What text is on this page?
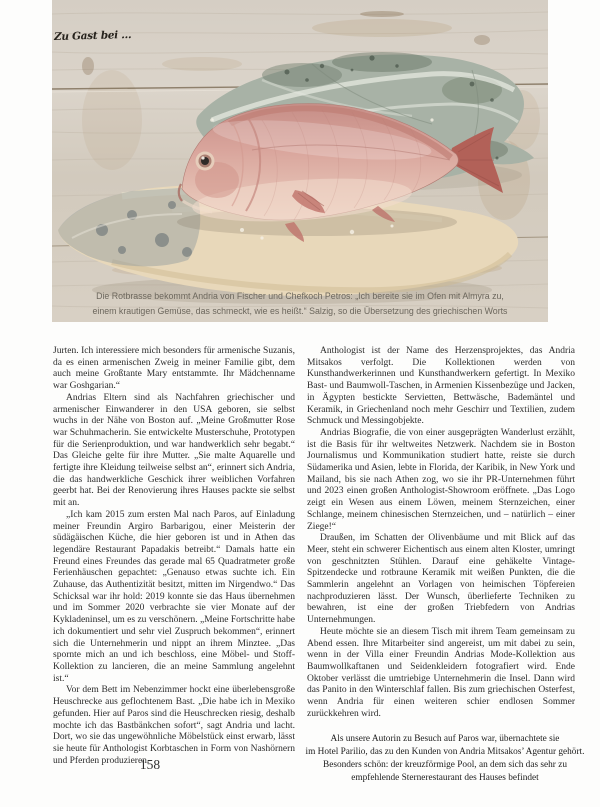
Die Rotbrasse bekommt Andria von Fischer und Chefkoch Petros: „Ich bereite sie im Ofen mit Almyra zu,
einem krautigen Gemüse, das schmeckt, wie es heißt.“ Salzig, so die Übersetzung des griechischen Worts
Zu Gast bei ...

Jurten. Ich interessiere mich besonders für armenische Suzanis, da es einen armenischen Zweig in meiner Familie gibt, dem auch meine Großtante Mary entstammte. Ihr Mädchenname war Goshgarian.“

Andrias Eltern sind als Nachfahren griechischer und armenischer Einwanderer in den USA geboren, sie selbst wuchs in der Nähe von Boston auf. „Meine Großmutter Rose war Schuhmacherin. Sie entwickelte Musterschuhe, Prototypen für die Serienproduktion, und war handwerklich sehr begabt.“ Das Gleiche gelte für ihre Mutter. „Sie malte Aquarelle und fertigte ihre Kleidung teilweise selbst an“, erinnert sich Andria, die das handwerkliche Geschick ihrer weiblichen Vorfahren geerbt hat. Bei der Renovierung ihres Hauses packte sie selbst mit an.

„Ich kam 2015 zum ersten Mal nach Paros, auf Einladung meiner Freundin Argiro Barbarigou, einer Meisterin der südägäischen Küche, die hier geboren ist und in Athen das legendäre Restaurant Papadakis betreibt.“ Damals hatte ein Freund eines Freundes das gerade mal 65 Quadratmeter große Ferienhäuschen gepachtet: „Genauso etwas suchte ich. Ein Zuhause, das Authentizität besitzt, mitten im Nirgendwo.“ Das Schicksal war ihr hold: 2019 konnte sie das Haus übernehmen und im Sommer 2020 verbrachte sie vier Monate auf der Kykladeninsel, um es zu verschönern. „Meine Fortschritte habe ich dokumentiert und sehr viel Zuspruch bekommen“, erinnert sich die Unternehmerin und nippt an ihrem Minztee. „Das spornte mich an und ich beschloss, eine Möbel- und Stoff-Kollektion zu lancieren, die an meine Sammlung angelehnt ist.“

Vor dem Bett im Nebenzimmer hockt eine überlebensgroße Heuschrecke aus geflochtenem Bast. „Die habe ich in Mexiko gefunden. Hier auf Paros sind die Heuschrecken riesig, deshalb mochte ich das Bastbänkchen sofort“, sagt Andria und lacht. Dort, wo sie das ungewöhnliche Möbelstück einst erwarb, lässt sie heute für Anthologist Korbtaschen in Form von Nashörnern und Pferden produzieren.

Anthologist ist der Name des Herzensprojektes, das Andria Mitsakos verfolgt. Die Kollektionen werden von Kunsthandwerkerinnen und Kunsthandwerkern gefertigt. In Mexiko Bast- und Baumwoll-Taschen, in Armenien Kissenbezüge und Jacken, in Ägypten bestickte Servietten, Bettwäsche, Bademäntel und Keramik, in Griechenland noch mehr Geschirr und Textilien, zudem Schmuck und Messingobjekte.

Andrias Biografie, die von einer ausgeprägten Wanderlust erzählt, ist die Basis für ihr weltweites Netzwerk. Nachdem sie in Boston Journalismus und Kommunikation studiert hatte, reiste sie durch Südamerika und Asien, lebte in Florida, der Karibik, in New York und Mailand, bis sie nach Athen zog, wo sie ihr PR-Unternehmen führt und 2023 einen großen Anthologist-Showroom eröffnete. „Das Logo zeigt ein Wesen aus einem Löwen, meinem Sternzeichen, einer Schlange, meinem chinesischen Sternzeichen, und – natürlich – einer Ziege!“

Draußen, im Schatten der Olivenbäume und mit Blick auf das Meer, steht ein schwerer Eichentisch aus einem alten Kloster, umringt von geschnitzten Stühlen. Darauf eine gehäkelte Vintage-Spitzendecke und rotbraune Keramik mit weißen Punkten, die die Sammlerin angelehnt an Vorlagen von heimischen Töpfereien nachproduzieren lässt. Der Wunsch, überlieferte Techniken zu bewahren, ist eine der großen Triebfedern von Andrias Unternehmungen.

Heute möchte sie an diesem Tisch mit ihrem Team gemeinsam zu Abend essen. Ihre Mitarbeiter sind angereist, um mit dabei zu sein, wenn in der Villa einer Freundin Andrias Mode-Kollektion aus Baumwollkaftanen und Seidenkleidern fotografiert wird. Ende Oktober verlässt die umtriebige Unternehmerin die Insel. Dann wird das Panito in den Winterschlaf fallen. Bis zum griechischen Osterfest, wenn Andria für einen weiteren schier endlosen Sommer zurückkehren wird.

Als unsere Autorin zu Besuch auf Paros war, übernachtete sie
im Hotel Parilio, das zu den Kunden von Andria Mitsakos’ Agentur gehört.
Besonders schön: der kreuzförmige Pool, an dem sich das sehr zu
empfehlende Sternerestaurant des Hauses befindet
158
